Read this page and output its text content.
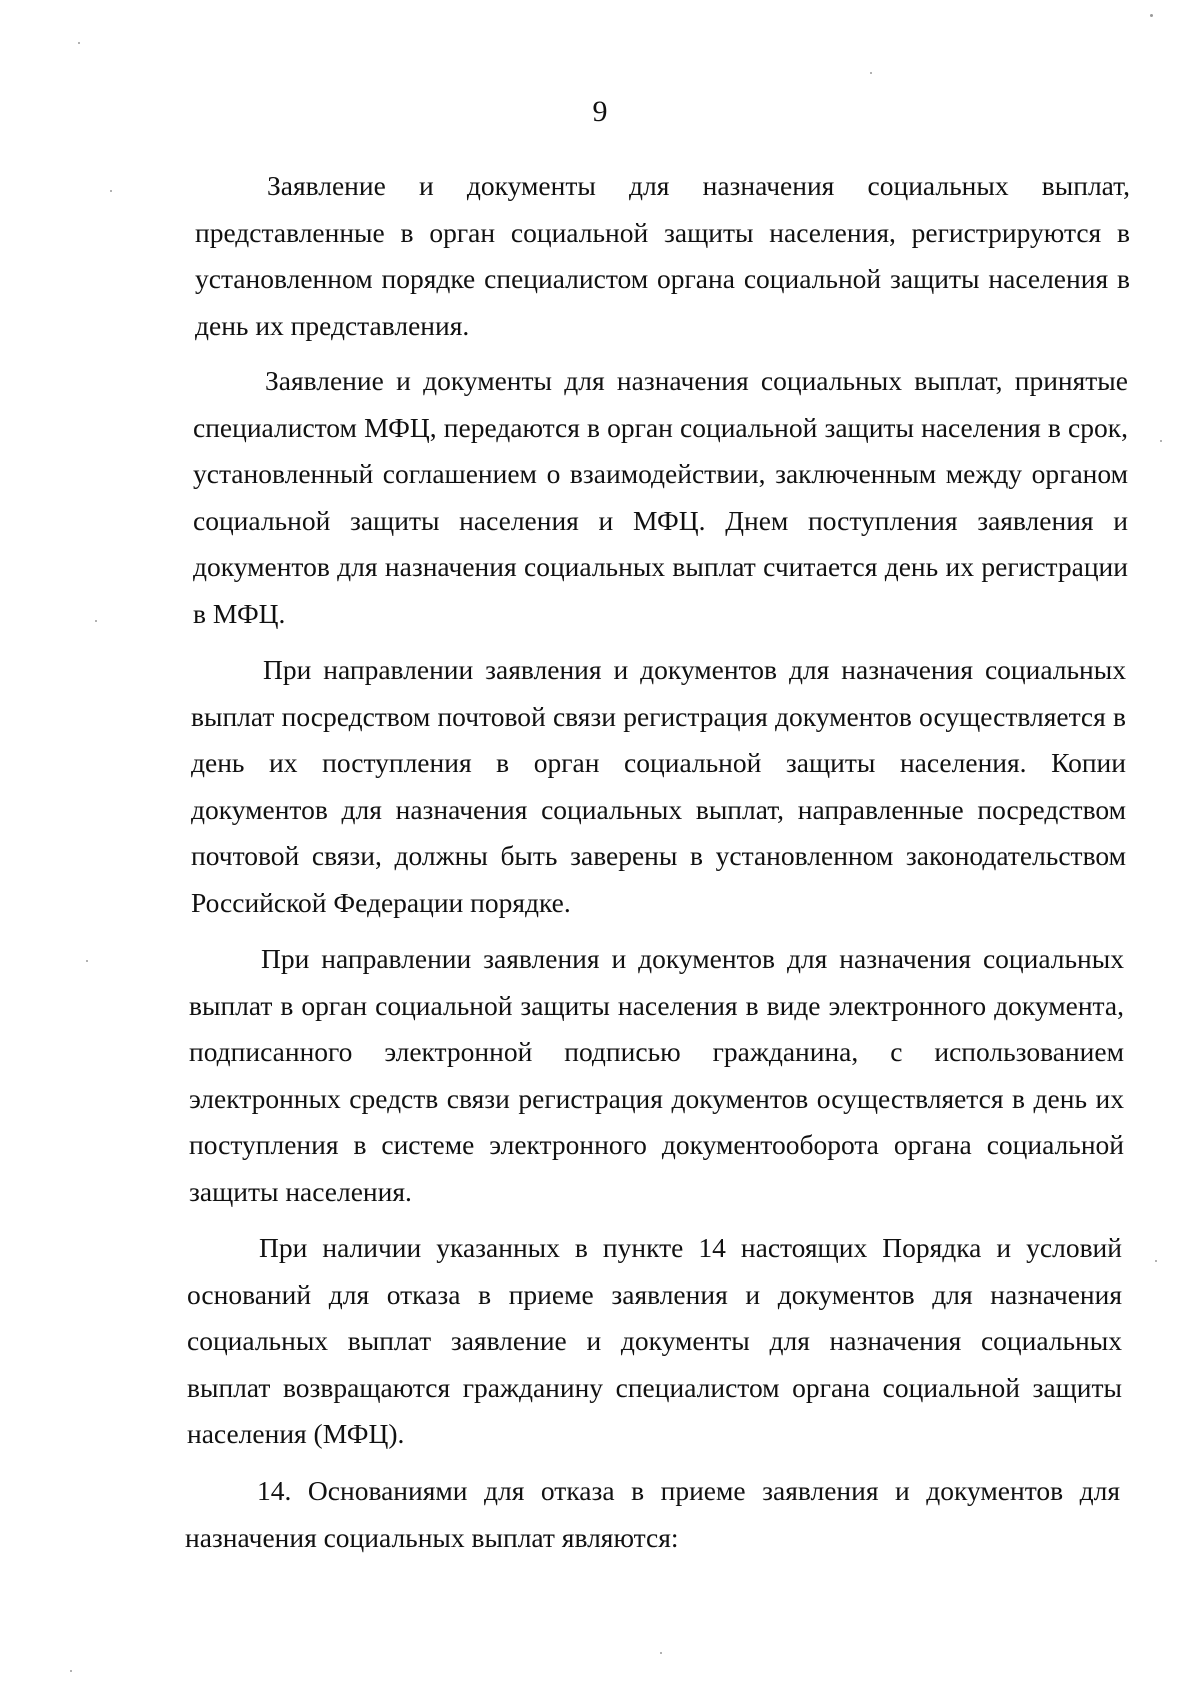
9

Заявление и документы для назначения социальных выплат, представленные в орган социальной защиты населения, регистрируются в установленном порядке специалистом органа социальной защиты населения в день их представления.

Заявление и документы для назначения социальных выплат, принятые специалистом МФЦ, передаются в орган социальной защиты населения в срок, установленный соглашением о взаимодействии, заключенным между органом социальной защиты населения и МФЦ. Днем поступления заявления и документов для назначения социальных выплат считается день их регистрации в МФЦ.

При направлении заявления и документов для назначения социальных выплат посредством почтовой связи регистрация документов осуществляется в день их поступления в орган социальной защиты населения. Копии документов для назначения социальных выплат, направленные посредством почтовой связи, должны быть заверены в установленном законодательством Российской Федерации порядке.

При направлении заявления и документов для назначения социальных выплат в орган социальной защиты населения в виде электронного документа, подписанного электронной подписью гражданина, с использованием электронных средств связи регистрация документов осуществляется в день их поступления в системе электронного документооборота органа социальной защиты населения.

При наличии указанных в пункте 14 настоящих Порядка и условий оснований для отказа в приеме заявления и документов для назначения социальных выплат заявление и документы для назначения социальных выплат возвращаются гражданину специалистом органа социальной защиты населения (МФЦ).

14. Основаниями для отказа в приеме заявления и документов для назначения социальных выплат являются:
